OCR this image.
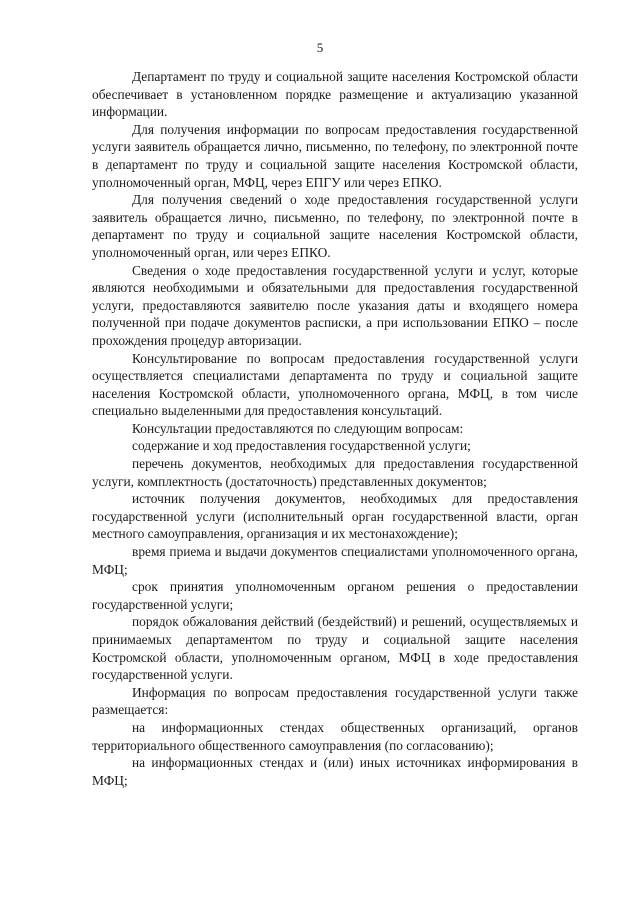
5

Департамент по труду и социальной защите населения Костромской области обеспечивает в установленном порядке размещение и актуализацию указанной информации.

Для получения информации по вопросам предоставления государственной услуги заявитель обращается лично, письменно, по телефону, по электронной почте в департамент по труду и социальной защите населения Костромской области, уполномоченный орган, МФЦ, через ЕПГУ или через ЕПКО.

Для получения сведений о ходе предоставления государственной услуги заявитель обращается лично, письменно, по телефону, по электронной почте в департамент по труду и социальной защите населения Костромской области, уполномоченный орган, или через ЕПКО.

Сведения о ходе предоставления государственной услуги и услуг, которые являются необходимыми и обязательными для предоставления государственной услуги, предоставляются заявителю после указания даты и входящего номера полученной при подаче документов расписки, а при использовании ЕПКО – после прохождения процедур авторизации.

Консультирование по вопросам предоставления государственной услуги осуществляется специалистами департамента по труду и социальной защите населения Костромской области, уполномоченного органа, МФЦ, в том числе специально выделенными для предоставления консультаций.

Консультации предоставляются по следующим вопросам:

содержание и ход предоставления государственной услуги;

перечень документов, необходимых для предоставления государственной услуги, комплектность (достаточность) представленных документов;

источник получения документов, необходимых для предоставления государственной услуги (исполнительный орган государственной власти, орган местного самоуправления, организация и их местонахождение);

время приема и выдачи документов специалистами уполномоченного органа, МФЦ;

срок принятия уполномоченным органом решения о предоставлении государственной услуги;

порядок обжалования действий (бездействий) и решений, осуществляемых и принимаемых департаментом по труду и социальной защите населения Костромской области, уполномоченным органом, МФЦ в ходе предоставления государственной услуги.

Информация по вопросам предоставления государственной услуги также размещается:

на информационных стендах общественных организаций, органов территориального общественного самоуправления (по согласованию);

на информационных стендах и (или) иных источниках информирования в МФЦ;
